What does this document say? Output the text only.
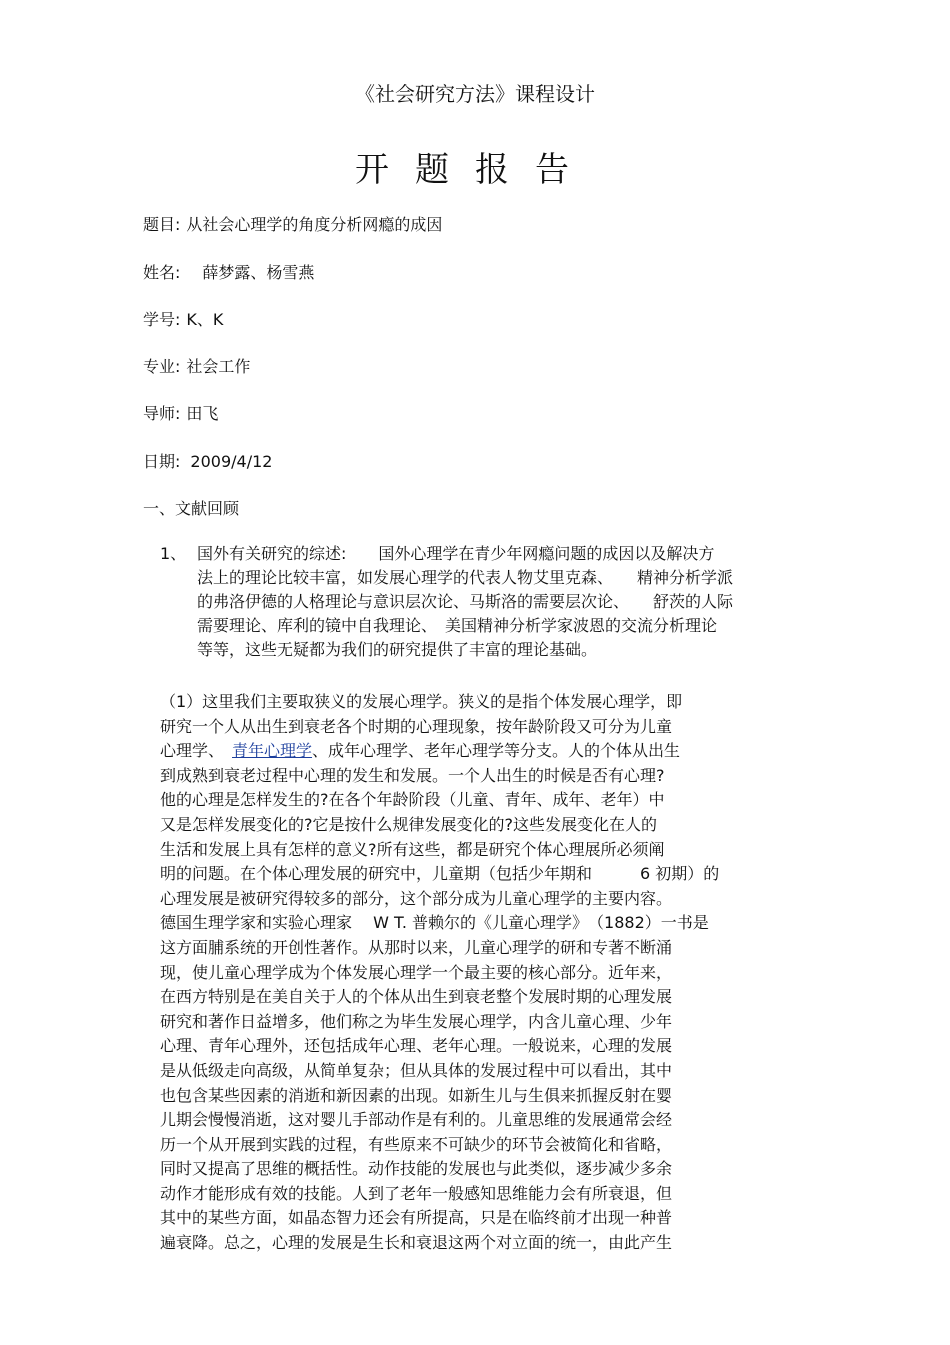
《社会研究方法》课程设计
开题报告
题目: 从社会心理学的角度分析网瘾的成因
姓名: 薛梦露、杨雪燕
学号: K、K
专业: 社会工作
导师: 田飞
日期: 2009/4/12
一、文献回顾
1、 国外有关研究的综述:　　国外心理学在青少年网瘾问题的成因以及解决方
法上的理论比较丰富，如发展心理学的代表人物艾里克森、　　精神分析学派
的弗洛伊德的人格理论与意识层次论、马斯洛的需要层次论、　　舒茨的人际
需要理论、库利的镜中自我理论、　美国精神分析学家波恩的交流分析理论
等等，这些无疑都为我们的研究提供了丰富的理论基础。
（1）这里我们主要取狭义的发展心理学。狭义的是指个体发展心理学，即
研究一个人从出生到衰老各个时期的心理现象，按年龄阶段又可分为儿童
心理学、　青年心理学、成年心理学、老年心理学等分支。人的个体从出生
到成熟到衰老过程中心理的发生和发展。一个人出生的时候是否有心理?
他的心理是怎样发生的?在各个年龄阶段（儿童、青年、成年、老年）中
又是怎样发展变化的?它是按什么规律发展变化的?这些发展变化在人的
生活和发展上具有怎样的意义?所有这些，都是研究个体心理展所必须阐
明的问题。在个体心理发展的研究中，儿童期（包括少年期和　　　6 初期）的
心理发展是被研究得较多的部分，这个部分成为儿童心理学的主要内容。
德国生理学家和实验心理家　 W T. 普赖尔的《儿童心理学》　（1882）一书是
这方面脯系统的开创性著作。从那时以来，儿童心理学的研和专著不断涌
现，使儿童心理学成为个体发展心理学一个最主要的核心部分。近年来，
在西方特别是在美自关于人的个体从出生到衰老整个发展时期的心理发展
研究和著作日益增多，他们称之为毕生发展心理学，内含儿童心理、少年
心理、青年心理外，还包括成年心理、老年心理。一般说来，心理的发展
是从低级走向高级，从简单复杂；但从具体的发展过程中可以看出，其中
也包含某些因素的消逝和新因素的出现。如新生儿与生俱来抓握反射在婴
儿期会慢慢消逝，这对婴儿手部动作是有利的。儿童思维的发展通常会经
历一个从开展到实践的过程，有些原来不可缺少的环节会被简化和省略，
同时又提高了思维的概括性。动作技能的发展也与此类似，逐步减少多余
动作才能形成有效的技能。人到了老年一般感知思维能力会有所衰退，但
其中的某些方面，如晶态智力还会有所提高，只是在临终前才出现一种普
遍衰降。总之，心理的发展是生长和衰退这两个对立面的统一，由此产生
